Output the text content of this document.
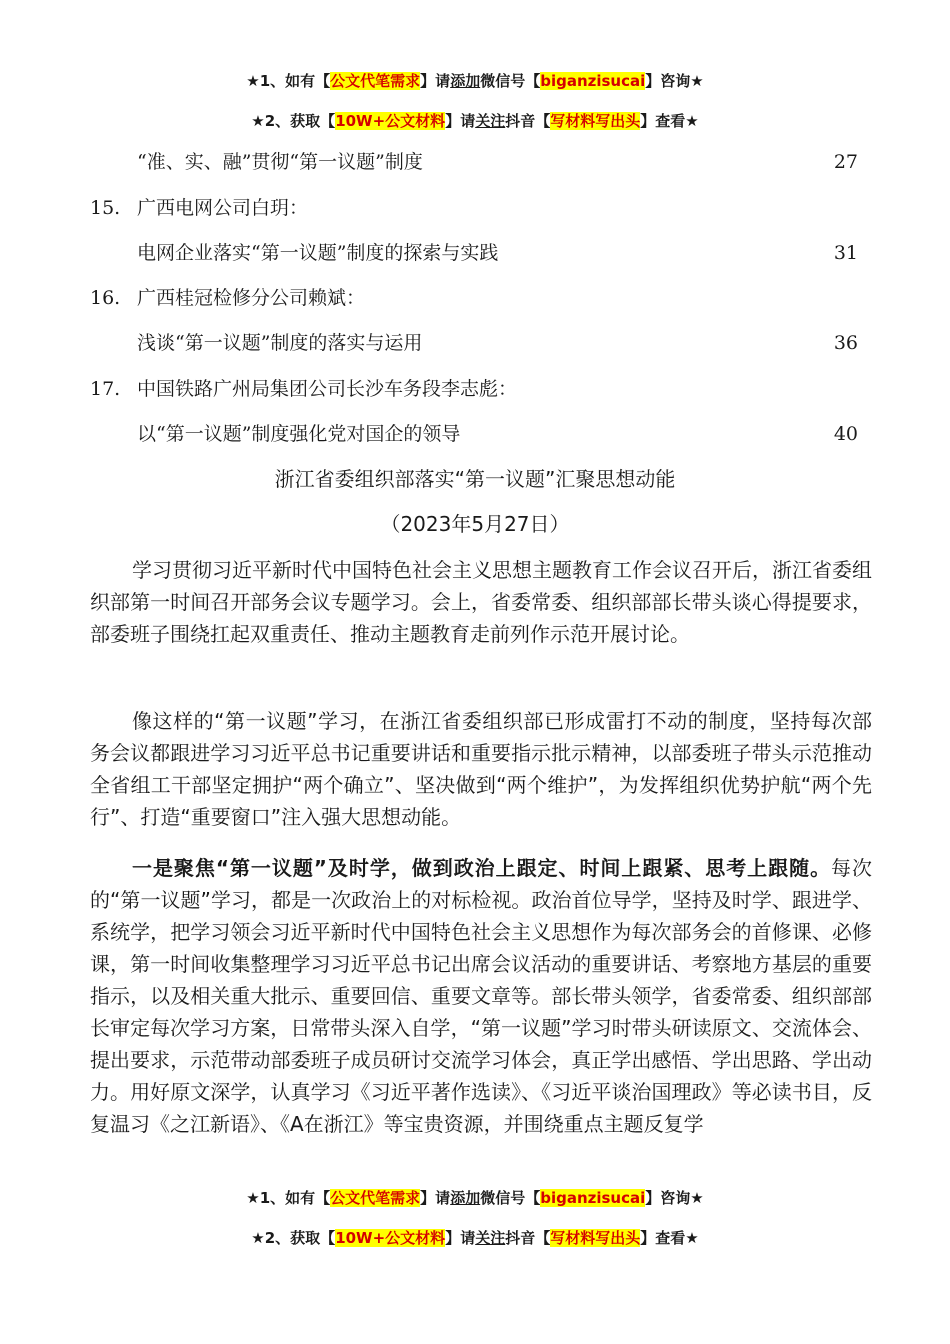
★1、如有【公文代笔需求】请添加微信号【biganzisucai】咨询★
★2、获取【10W+公文材料】请关注抖音【写材料写出头】查看★
“准、实、融”贯彻“第一议题”制度	27
15. 广西电网公司白玥：
电网企业落实“第一议题”制度的探索与实践	31
16. 广西桂冠检修分公司赖斌：
浅谈“第一议题”制度的落实与运用	36
17. 中国铁路广州局集团公司长沙车务段李志彪：
以“第一议题”制度强化党对国企的领导	40
浙江省委组织部落实“第一议题”汇聚思想动能
（2023年5月27日）

学习贯彻习近平新时代中国特色社会主义思想主题教育工作会议召开后，浙江省委组织部第一时间召开部务会议专题学习。会上，省委常委、组织部部长带头谈心得提要求，部委班子围绕扛起双重责任、推动主题教育走前列作示范开展讨论。

像这样的“第一议题”学习，在浙江省委组织部已形成雷打不动的制度，坚持每次部务会议都跟进学习习近平总书记重要讲话和重要指示批示精神，以部委班子带头示范推动全省组工干部坚定拥护“两个确立”、坚决做到“两个维护”，为发挥组织优势护航“两个先行”、打造“重要窗口”注入强大思想动能。

一是聚焦“第一议题”及时学，做到政治上跟定、时间上跟紧、思考上跟随。每次的“第一议题”学习，都是一次政治上的对标检视。政治首位导学，坚持及时学、跟进学、系统学，把学习领会习近平新时代中国特色社会主义思想作为每次部务会的首修课、必修课，第一时间收集整理学习习近平总书记出席会议活动的重要讲话、考察地方基层的重要指示，以及相关重大批示、重要回信、重要文章等。部长带头领学，省委常委、组织部部长审定每次学习方案，日常带头深入自学，“第一议题”学习时带头研读原文、交流体会、提出要求，示范带动部委班子成员研讨交流学习体会，真正学出感悟、学出思路、学出动力。用好原文深学，认真学习《习近平著作选读》、《习近平谈治国理政》等必读书目，反复温习《之江新语》、《A在浙江》等宝贵资源，并围绕重点主题反复学

★1、如有【公文代笔需求】请添加微信号【biganzisucai】咨询★
★2、获取【10W+公文材料】请关注抖音【写材料写出头】查看★
